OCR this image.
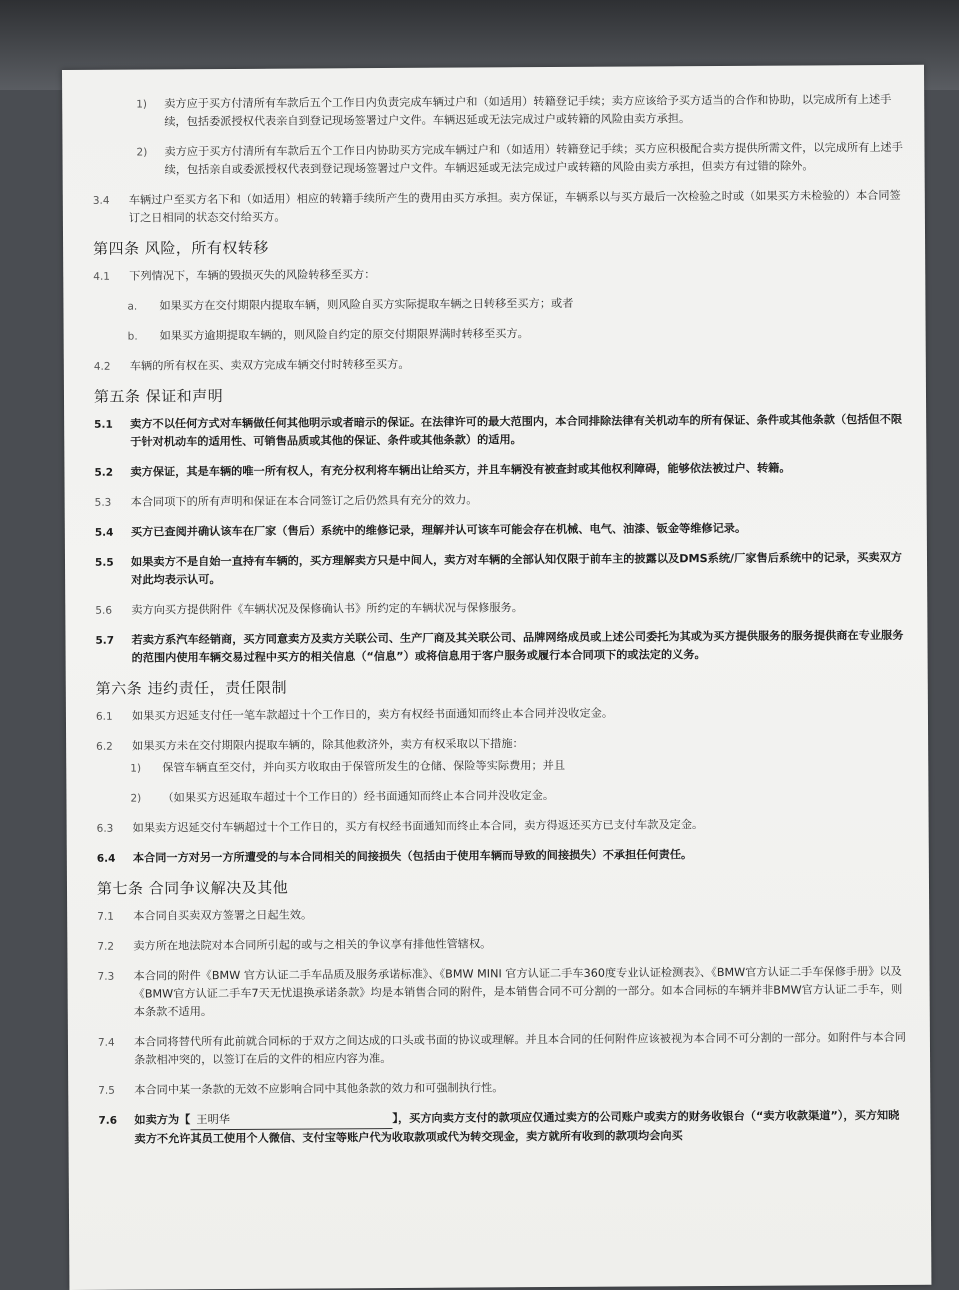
1)	卖方应于买方付清所有车款后五个工作日内负责完成车辆过户和（如适用）转籍登记手续；卖方应该给予买方适当的合作和协助，以完成所有上述手续，包括委派授权代表亲自到登记现场签署过户文件。车辆迟延或无法完成过户或转籍的风险由卖方承担。
2)	卖方应于买方付清所有车款后五个工作日内协助买方完成车辆过户和（如适用）转籍登记手续；买方应积极配合卖方提供所需文件，以完成所有上述手续，包括亲自或委派授权代表到登记现场签署过户文件。车辆迟延或无法完成过户或转籍的风险由卖方承担，但卖方有过错的除外。
3.4	车辆过户至买方名下和（如适用）相应的转籍手续所产生的费用由买方承担。卖方保证，车辆系以与买方最后一次检验之时或（如果买方未检验的）本合同签订之日相同的状态交付给买方。
第四条 风险，所有权转移
4.1	下列情况下，车辆的毁损灭失的风险转移至买方：
a.	如果买方在交付期限内提取车辆，则风险自买方实际提取车辆之日转移至买方；或者
b.	如果买方逾期提取车辆的，则风险自约定的原交付期限界满时转移至买方。
4.2	车辆的所有权在买、卖双方完成车辆交付时转移至买方。
第五条 保证和声明
5.1	卖方不以任何方式对车辆做任何其他明示或者暗示的保证。在法律许可的最大范围内，本合同排除法律有关机动车的所有保证、条件或其他条款（包括但不限于针对机动车的适用性、可销售品质或其他的保证、条件或其他条款）的适用。
5.2	卖方保证，其是车辆的唯一所有权人，有充分权利将车辆出让给买方，并且车辆没有被查封或其他权利障碍，能够依法被过户、转籍。
5.3	本合同项下的所有声明和保证在本合同签订之后仍然具有充分的效力。
5.4	买方已查阅并确认该车在厂家（售后）系统中的维修记录，理解并认可该车可能会存在机械、电气、油漆、钣金等维修记录。
5.5	如果卖方不是自始一直持有车辆的，买方理解卖方只是中间人，卖方对车辆的全部认知仅限于前车主的披露以及DMS系统/厂家售后系统中的记录，买卖双方对此均表示认可。
5.6	卖方向买方提供附件《车辆状况及保修确认书》所约定的车辆状况与保修服务。
5.7	若卖方系汽车经销商，买方同意卖方及卖方关联公司、生产厂商及其关联公司、品牌网络成员或上述公司委托为其或为买方提供服务的服务提供商在专业服务的范围内使用车辆交易过程中买方的相关信息（“信息”）或将信息用于客户服务或履行本合同项下的或法定的义务。
第六条 违约责任，责任限制
6.1	如果买方迟延支付任一笔车款超过十个工作日的，卖方有权经书面通知而终止本合同并没收定金。
6.2	如果买方未在交付期限内提取车辆的，除其他救济外，卖方有权采取以下措施：
1)	保管车辆直至交付，并向买方收取由于保管所发生的仓储、保险等实际费用；并且
2)	（如果买方迟延取车超过十个工作日的）经书面通知而终止本合同并没收定金。
6.3	如果卖方迟延交付车辆超过十个工作日的，买方有权经书面通知而终止本合同，卖方得返还买方已支付车款及定金。
6.4	本合同一方对另一方所遭受的与本合同相关的间接损失（包括由于使用车辆而导致的间接损失）不承担任何责任。
第七条 合同争议解决及其他
7.1	本合同自买卖双方签署之日起生效。
7.2	卖方所在地法院对本合同所引起的或与之相关的争议享有排他性管辖权。
7.3	本合同的附件《BMW 官方认证二手车品质及服务承诺标准》、《BMW MINI 官方认证二手车360度专业认证检测表》、《BMW官方认证二手车保修手册》以及《BMW官方认证二手车7天无忧退换承诺条款》均是本销售合同的附件，是本销售合同不可分割的一部分。如本合同标的车辆并非BMW官方认证二手车，则本条款不适用。
7.4	本合同将替代所有此前就合同标的于双方之间达成的口头或书面的协议或理解。并且本合同的任何附件应该被视为本合同不可分割的一部分。如附件与本合同条款相冲突的，以签订在后的文件的相应内容为准。
7.5	本合同中某一条款的无效不应影响合同中其他条款的效力和可强制执行性。
7.6	如卖方为【 王明华	】，买方向卖方支付的款项应仅通过卖方的公司账户或卖方的财务收银台（“卖方收款渠道”），买方知晓卖方不允许其员工使用个人微信、支付宝等账户代为收取款项或代为转交现金，卖方就所有收到的款项均会向买
